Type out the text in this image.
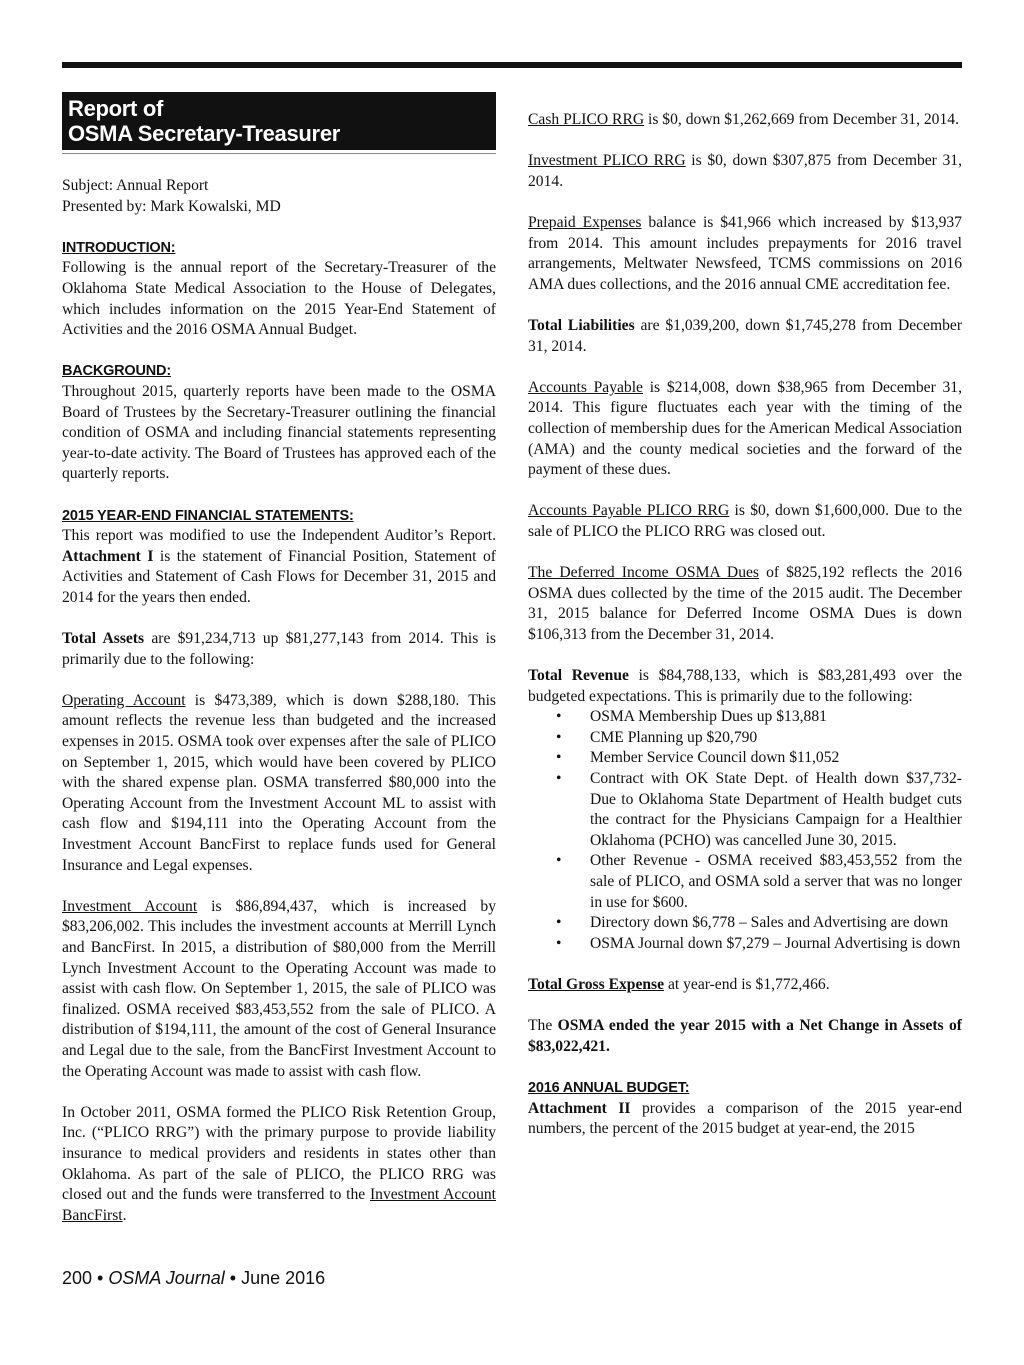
Report of
OSMA Secretary-Treasurer
Subject: Annual Report
Presented by: Mark Kowalski, MD
INTRODUCTION:

Following is the annual report of the Secretary-Treasurer of the Oklahoma State Medical Association to the House of Delegates, which includes information on the 2015 Year-End Statement of Activities and the 2016 OSMA Annual Budget.

BACKGROUND:

Throughout 2015, quarterly reports have been made to the OSMA Board of Trustees by the Secretary-Treasurer outlining the financial condition of OSMA and including financial statements representing year-to-date activity. The Board of Trustees has approved each of the quarterly reports.

2015 YEAR-END FINANCIAL STATEMENTS:

This report was modified to use the Independent Auditor’s Report. Attachment I is the statement of Financial Position, Statement of Activities and Statement of Cash Flows for December 31, 2015 and 2014 for the years then ended.

Total Assets are $91,234,713 up $81,277,143 from 2014. This is primarily due to the following:

Operating Account is $473,389, which is down $288,180. This amount reflects the revenue less than budgeted and the increased expenses in 2015. OSMA took over expenses after the sale of PLICO on September 1, 2015, which would have been covered by PLICO with the shared expense plan. OSMA transferred $80,000 into the Operating Account from the Investment Account ML to assist with cash flow and $194,111 into the Operating Account from the Investment Account BancFirst to replace funds used for General Insurance and Legal expenses.

Investment Account is $86,894,437, which is increased by $83,206,002. This includes the investment accounts at Merrill Lynch and BancFirst. In 2015, a distribution of $80,000 from the Merrill Lynch Investment Account to the Operating Account was made to assist with cash flow. On September 1, 2015, the sale of PLICO was finalized. OSMA received $83,453,552 from the sale of PLICO. A distribution of $194,111, the amount of the cost of General Insurance and Legal due to the sale, from the BancFirst Investment Account to the Operating Account was made to assist with cash flow.

In October 2011, OSMA formed the PLICO Risk Retention Group, Inc. (“PLICO RRG”) with the primary purpose to provide liability insurance to medical providers and residents in states other than Oklahoma. As part of the sale of PLICO, the PLICO RRG was closed out and the funds were transferred to the Investment Account BancFirst.

Cash PLICO RRG is $0, down $1,262,669 from December 31, 2014.

Investment PLICO RRG is $0, down $307,875 from December 31, 2014.

Prepaid Expenses balance is $41,966 which increased by $13,937 from 2014. This amount includes prepayments for 2016 travel arrangements, Meltwater Newsfeed, TCMS commissions on 2016 AMA dues collections, and the 2016 annual CME accreditation fee.

Total Liabilities are $1,039,200, down $1,745,278 from December 31, 2014.

Accounts Payable is $214,008, down $38,965 from December 31, 2014. This figure fluctuates each year with the timing of the collection of membership dues for the American Medical Association (AMA) and the county medical societies and the forward of the payment of these dues.

Accounts Payable PLICO RRG is $0, down $1,600,000. Due to the sale of PLICO the PLICO RRG was closed out.

The Deferred Income OSMA Dues of $825,192 reflects the 2016 OSMA dues collected by the time of the 2015 audit. The December 31, 2015 balance for Deferred Income OSMA Dues is down $106,313 from the December 31, 2014.

Total Revenue is $84,788,133, which is $83,281,493 over the budgeted expectations. This is primarily due to the following:

• OSMA Membership Dues up $13,881
• CME Planning up $20,790
• Member Service Council down $11,052
• Contract with OK State Dept. of Health down $37,732- Due to Oklahoma State Department of Health budget cuts the contract for the Physicians Campaign for a Healthier Oklahoma (PCHO) was cancelled June 30, 2015.
• Other Revenue - OSMA received $83,453,552 from the sale of PLICO, and OSMA sold a server that was no longer in use for $600.
• Directory down $6,778 – Sales and Advertising are down
• OSMA Journal down $7,279 – Journal Advertising is down

Total Gross Expense at year-end is $1,772,466.

The OSMA ended the year 2015 with a Net Change in Assets of $83,022,421.

2016 ANNUAL BUDGET:

Attachment II provides a comparison of the 2015 year-end numbers, the percent of the 2015 budget at year-end, the 2015

200 • OSMA Journal • June 2016
